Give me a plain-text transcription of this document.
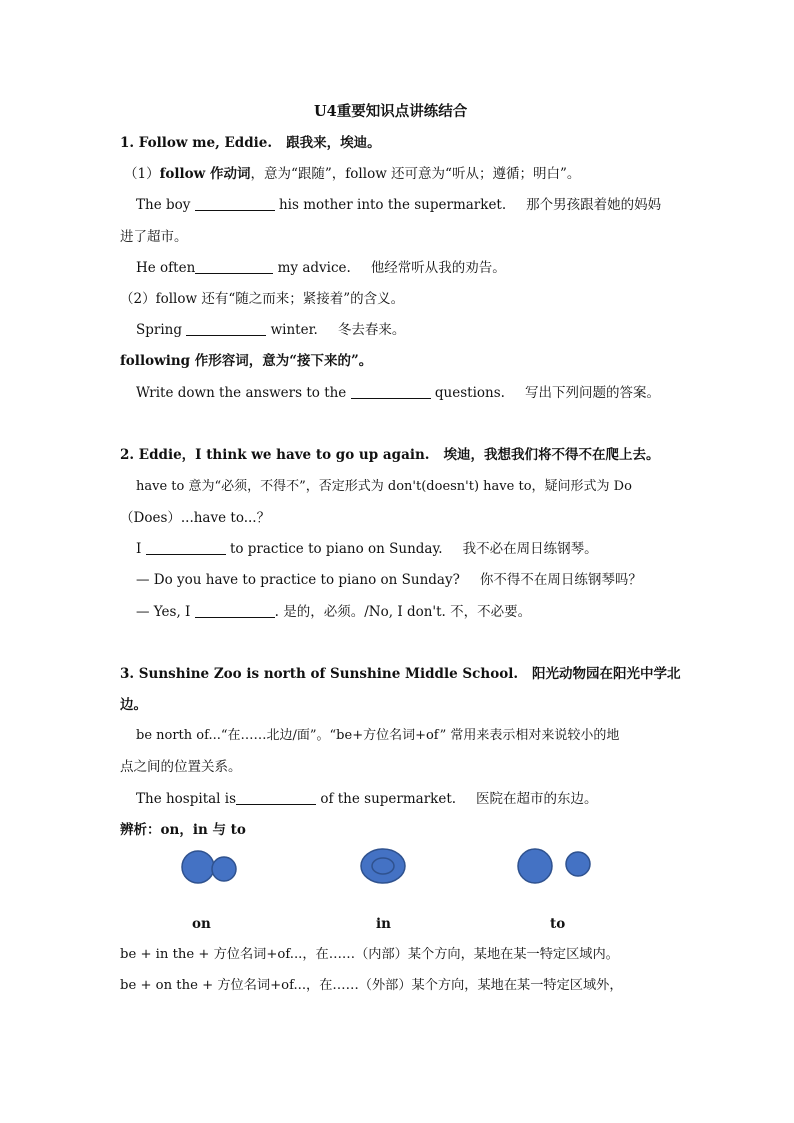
U4重要知识点讲练结合
1. Follow me, Eddie. 跟我来，埃迪。
（1）follow 作动词，意为“跟随”，follow 还可意为“听从；遵循；明白”。
The boy	his mother into the supermarket. 那个男孩跟着她的妈妈
进了超市。
He often	my advice. 他经常听从我的劝告。
（2）follow 还有“随之而来；紧接着”的含义。
Spring	winter. 冬去春来。
following 作形容词，意为“接下来的”。
Write down the answers to the	questions. 写出下列问题的答案。
2. Eddie，I think we have to go up again. 埃迪，我想我们将不得不在爬上去。
have to 意为“必须，不得不”，否定形式为 don't(doesn't) have to，疑问形式为 Do
（Does）...have to...？
I	to practice to piano on Sunday. 我不必在周日练钢琴。
— Do you have to practice to piano on Sunday? 你不得不在周日练钢琴吗？
— Yes, I	. 是的，必须。/No, I don't. 不，不必要。
3. Sunshine Zoo is north of Sunshine Middle School. 阳光动物园在阳光中学北
边。
be north of...“在……北边/面”。“be+方位名词+of” 常用来表示相对来说较小的地
点之间的位置关系。
The hospital is	of the supermarket. 医院在超市的东边。
辨析：on，in 与 to
on	in	to
be + in the + 方位名词+of...，在……（内部）某个方向，某地在某一特定区域内。
be + on the + 方位名词+of...，在……（外部）某个方向，某地在某一特定区域外，
